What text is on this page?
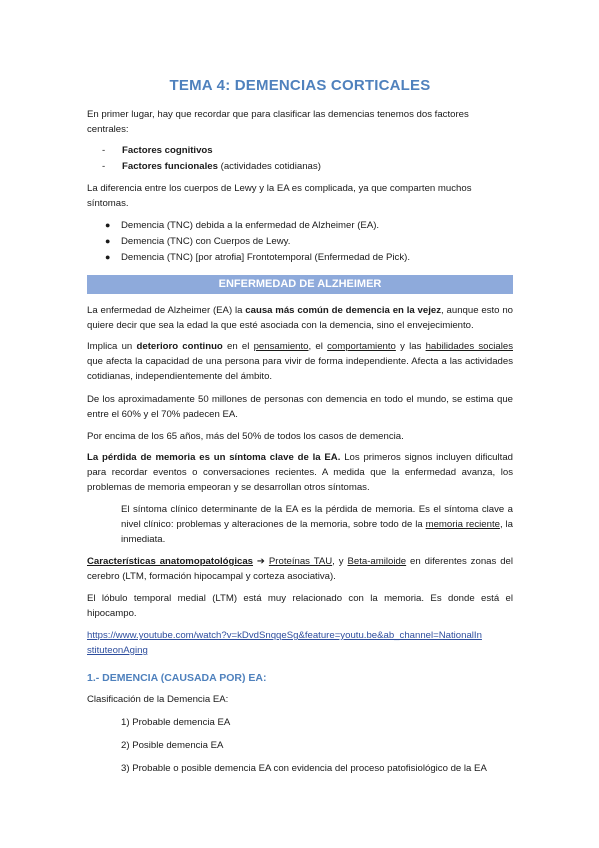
TEMA 4: DEMENCIAS CORTICALES

En primer lugar, hay que recordar que para clasificar las demencias tenemos dos factores centrales:

- Factores cognitivos
- Factores funcionales (actividades cotidianas)

La diferencia entre los cuerpos de Lewy y la EA es complicada, ya que comparten muchos síntomas.

● Demencia (TNC) debida a la enfermedad de Alzheimer (EA).
● Demencia (TNC) con Cuerpos de Lewy.
● Demencia (TNC) [por atrofia] Frontotemporal (Enfermedad de Pick).
ENFERMEDAD DE ALZHEIMER

La enfermedad de Alzheimer (EA) la causa más común de demencia en la vejez, aunque esto no quiere decir que sea la edad la que esté asociada con la demencia, sino el envejecimiento.

Implica un deterioro continuo en el pensamiento, el comportamiento y las habilidades sociales que afecta la capacidad de una persona para vivir de forma independiente. Afecta a las actividades cotidianas, independientemente del ámbito.

De los aproximadamente 50 millones de personas con demencia en todo el mundo, se estima que entre el 60% y el 70% padecen EA.

Por encima de los 65 años, más del 50% de todos los casos de demencia.

La pérdida de memoria es un síntoma clave de la EA. Los primeros signos incluyen dificultad para recordar eventos o conversaciones recientes. A medida que la enfermedad avanza, los problemas de memoria empeoran y se desarrollan otros síntomas.

El síntoma clínico determinante de la EA es la pérdida de memoria. Es el síntoma clave a nivel clínico: problemas y alteraciones de la memoria, sobre todo de la memoria reciente, la inmediata.

Características anatomopatológicas ➔ Proteínas TAU, y Beta-amiloide en diferentes zonas del cerebro (LTM, formación hipocampal y corteza asociativa).

El lóbulo temporal medial (LTM) está muy relacionado con la memoria. Es donde está el hipocampo.

https://www.youtube.com/watch?v=kDvdSnqqeSg&feature=youtu.be&ab_channel=NationalIn
stituteonAging

1.- DEMENCIA (CAUSADA POR) EA:

Clasificación de la Demencia EA:

1) Probable demencia EA

2) Posible demencia EA

3) Probable o posible demencia EA con evidencia del proceso patofisiológico de la EA
